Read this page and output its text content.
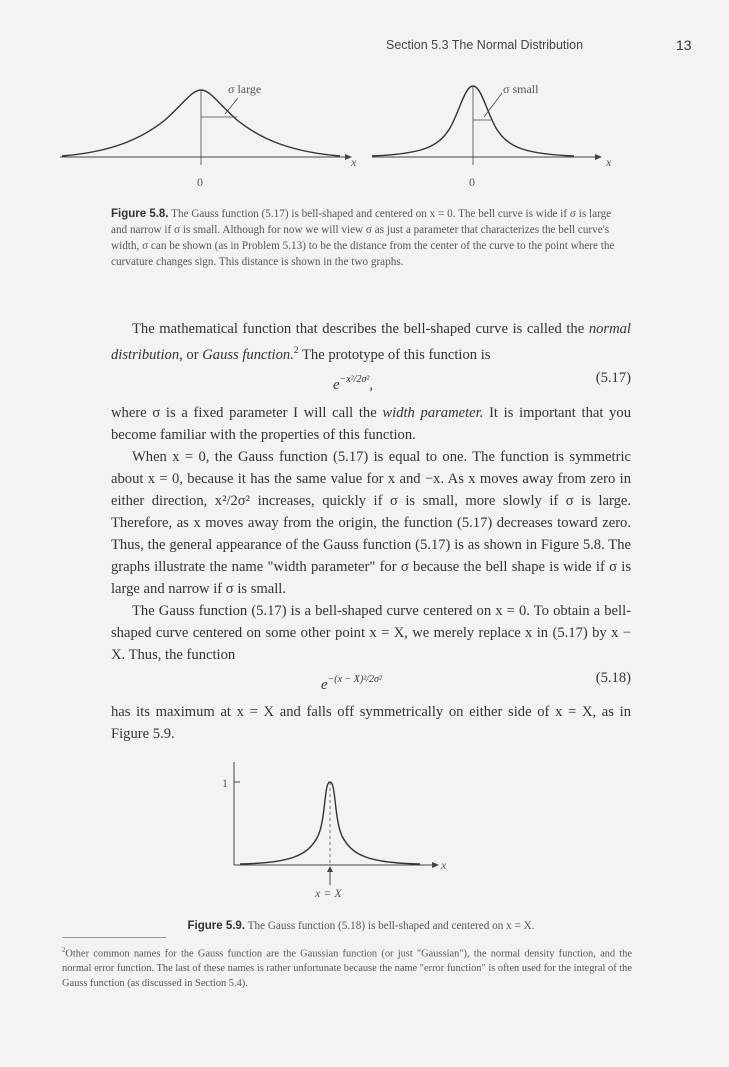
Section 5.3 The Normal Distribution	13
σ large	σ small
x	x
0	0
Figure 5.8. The Gauss function (5.17) is bell-shaped and centered on x = 0. The bell curve is wide if σ is large and narrow if σ is small. Although for now we will view σ as just a parameter that characterizes the bell curve's width, σ can be shown (as in Problem 5.13) to be the distance from the center of the curve to the point where the curvature changes sign. This distance is shown in the two graphs.

The mathematical function that describes the bell-shaped curve is called the normal distribution, or Gauss function.$^2$ The prototype of this function is

$e^{-x^2/2\sigma^2}$,	(5.17)

where σ is a fixed parameter I will call the width parameter. It is important that you become familiar with the properties of this function.

When x = 0, the Gauss function (5.17) is equal to one. The function is symmetric about x = 0, because it has the same value for x and −x. As x moves away from zero in either direction, x²/2σ² increases, quickly if σ is small, more slowly if σ is large. Therefore, as x moves away from the origin, the function (5.17) decreases toward zero. Thus, the general appearance of the Gauss function (5.17) is as shown in Figure 5.8. The graphs illustrate the name "width parameter" for σ because the bell shape is wide if σ is large and narrow if σ is small.

The Gauss function (5.17) is a bell-shaped curve centered on x = 0. To obtain a bell-shaped curve centered on some other point x = X, we merely replace x in (5.17) by x − X. Thus, the function

$e^{-(x - X)^2/2\sigma^2}$	(5.18)

has its maximum at x = X and falls off symmetrically on either side of x = X, as in Figure 5.9.

1
x
x = X
Figure 5.9. The Gauss function (5.18) is bell-shaped and centered on x = X.
$^2$Other common names for the Gauss function are the Gaussian function (or just "Gaussian"), the normal density function, and the normal error function. The last of these names is rather unfortunate because the name "error function" is often used for the integral of the Gauss function (as discussed in Section 5.4).
